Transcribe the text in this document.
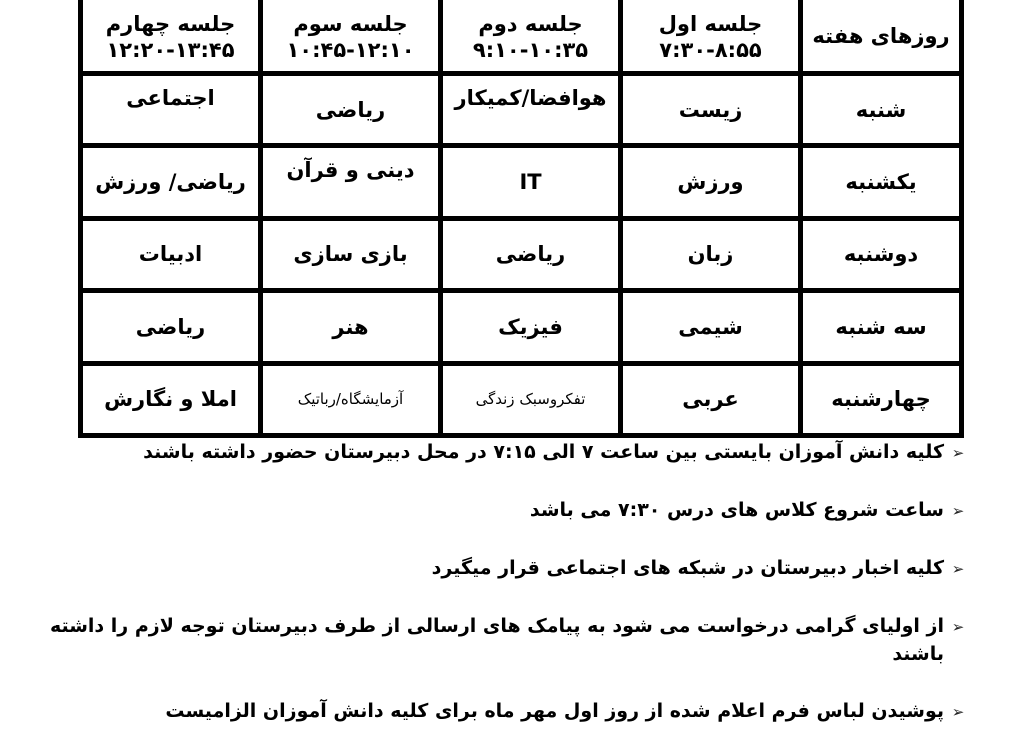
روزهای هفته
جلسه اول
۷:۳۰-۸:۵۵
جلسه دوم
۹:۱۰-۱۰:۳۵
جلسه سوم
۱۰:۴۵-۱۲:۱۰
جلسه چهارم
۱۲:۲۰-۱۳:۴۵
شنبه
زیست
هوافضا/کمیکار
ریاضی
اجتماعی
یکشنبه
ورزش
IT
دینی و قرآن
ریاضی/ ورزش
دوشنبه
زبان
ریاضی
بازی سازی
ادبیات
سه شنبه
شیمی
فیزیک
هنر
ریاضی
چهارشنبه
عربی
تفکروسبک زندگی
آزمایشگاه/رباتیک
املا و نگارش
➢
کلیه دانش آموزان بایستی بین ساعت ۷ الی ۷:۱۵ در محل دبیرستان حضور داشته باشند
➢
ساعت شروع کلاس های درس ۷:۳۰ می باشد
➢
کلیه اخبار دبیرستان در شبکه های اجتماعی قرار میگیرد
➢
از اولیای گرامی درخواست می شود به پیامک های ارسالی از طرف دبیرستان توجه لازم را داشته باشند
➢
پوشیدن لباس فرم اعلام شده از روز اول مهر ماه برای کلیه دانش آموزان الزامیست
